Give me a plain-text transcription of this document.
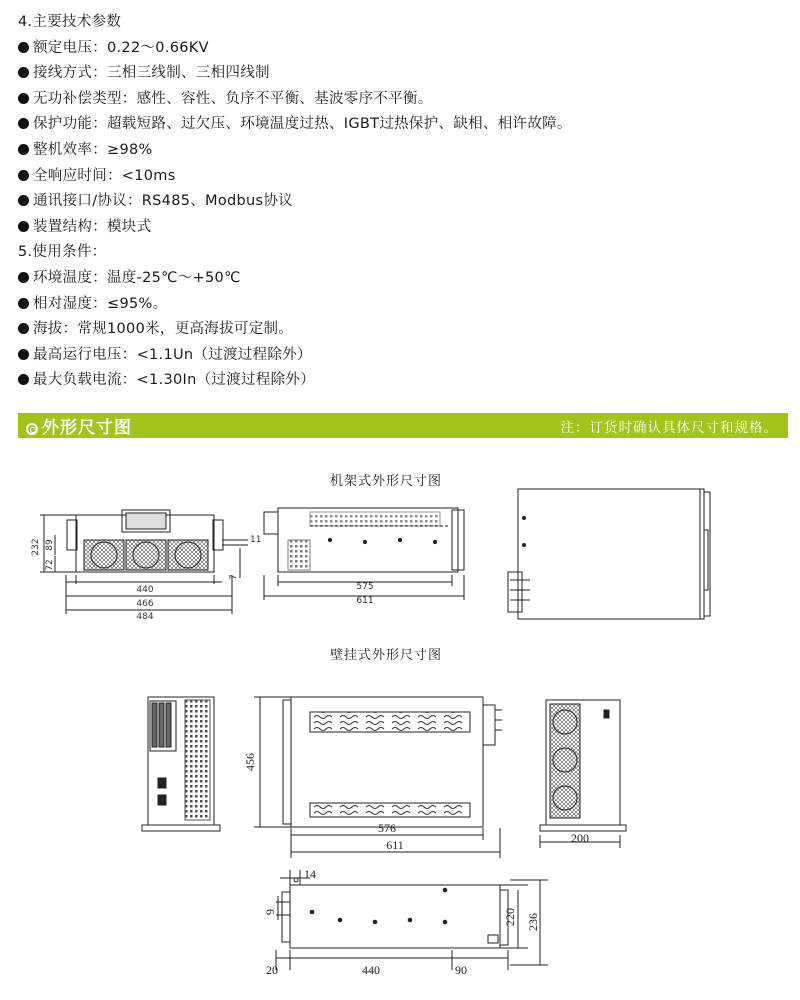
4.主要技术参数
额定电压：0.22～0.66KV
接线方式：三相三线制、三相四线制
无功补偿类型：感性、容性、负序不平衡、基波零序不平衡。
保护功能：超载短路、过欠压、环境温度过热、IGBT过热保护、缺相、相许故障。
整机效率：≥98%
全响应时间：<10ms
通讯接口/协议：RS485、Modbus协议
装置结构：模块式
5.使用条件：
环境温度：温度-25℃～+50℃
相对湿度：≤95%。
海拔：常规1000米，更高海拔可定制。
最高运行电压：<1.1Un（过渡过程除外）
最大负载电流：<1.30In（过渡过程除外）
外形尺寸图	注：订货时确认具体尺寸和规格。
机架式外形尺寸图
壁挂式外形尺寸图
232 89
72
440
466
484
11
7
575
611
456
576
611	200
14
9	220 236
20	440	90
